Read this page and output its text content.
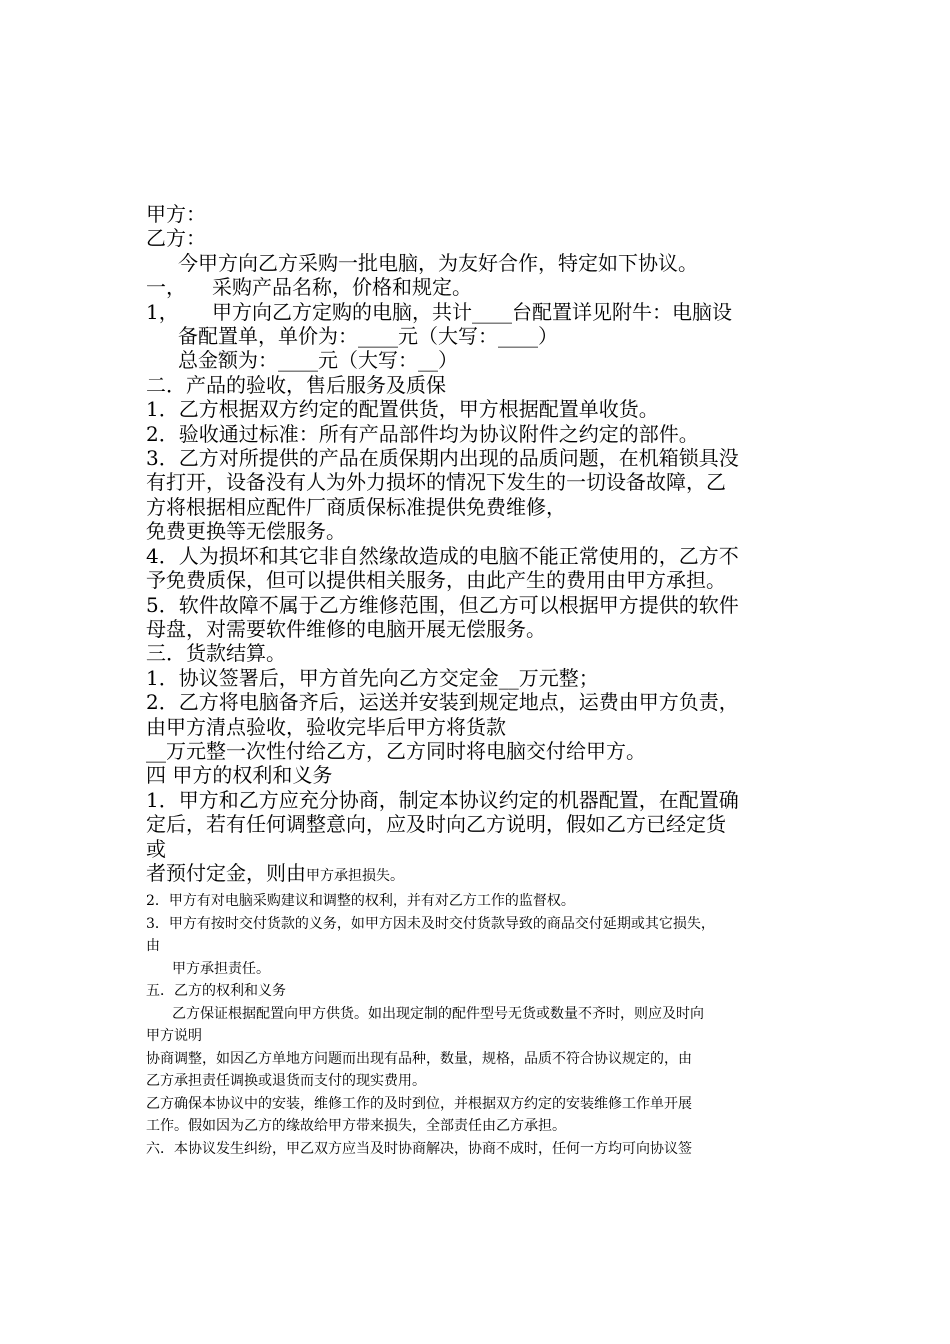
甲方：

乙方：

今甲方向乙方采购一批电脑，为友好合作，特定如下协议。

一， 采购产品名称，价格和规定。

1， 甲方向乙方定购的电脑，共计____台配置详见附牛：电脑设

备配置单，单价为：____元（大写：____）

总金额为：____元（大写：__）

二．产品的验收，售后服务及质保

1．乙方根据双方约定的配置供货，甲方根据配置单收货。

2．验收通过标准：所有产品部件均为协议附件之约定的部件。

3．乙方对所提供的产品在质保期内出现的品质问题，在机箱锁具没

有打开，设备没有人为外力损坏的情况下发生的一切设备故障，乙

方将根据相应配件厂商质保标准提供免费维修，

免费更换等无偿服务。

4．人为损坏和其它非自然缘故造成的电脑不能正常使用的，乙方不

予免费质保，但可以提供相关服务，由此产生的费用由甲方承担。

5．软件故障不属于乙方维修范围，但乙方可以根据甲方提供的软件

母盘，对需要软件维修的电脑开展无偿服务。

三．货款结算。

1．协议签署后，甲方首先向乙方交定金__万元整；

2．乙方将电脑备齐后，运送并安装到规定地点，运费由甲方负责，

由甲方清点验收，验收完毕后甲方将货款

__万元整一次性付给乙方，乙方同时将电脑交付给甲方。

四 甲方的权利和义务

1．甲方和乙方应充分协商，制定本协议约定的机器配置，在配置确

定后，若有任何调整意向，应及时向乙方说明，假如乙方已经定货

或

者预付定金，则由甲方承担损失。

2．甲方有对电脑采购建议和调整的权利，并有对乙方工作的监督权。

3．甲方有按时交付货款的义务，如甲方因未及时交付货款导致的商品交付延期或其它损失，

由

甲方承担责任。

五．乙方的权利和义务

乙方保证根据配置向甲方供货。如出现定制的配件型号无货或数量不齐时，则应及时向

甲方说明

协商调整，如因乙方单地方问题而出现有品种，数量，规格，品质不符合协议规定的，由

乙方承担责任调换或退货而支付的现实费用。

乙方确保本协议中的安装，维修工作的及时到位，并根据双方约定的安装维修工作单开展

工作。假如因为乙方的缘故给甲方带来损失，全部责任由乙方承担。

六．本协议发生纠纷，甲乙双方应当及时协商解决，协商不成时，任何一方均可向协议签
